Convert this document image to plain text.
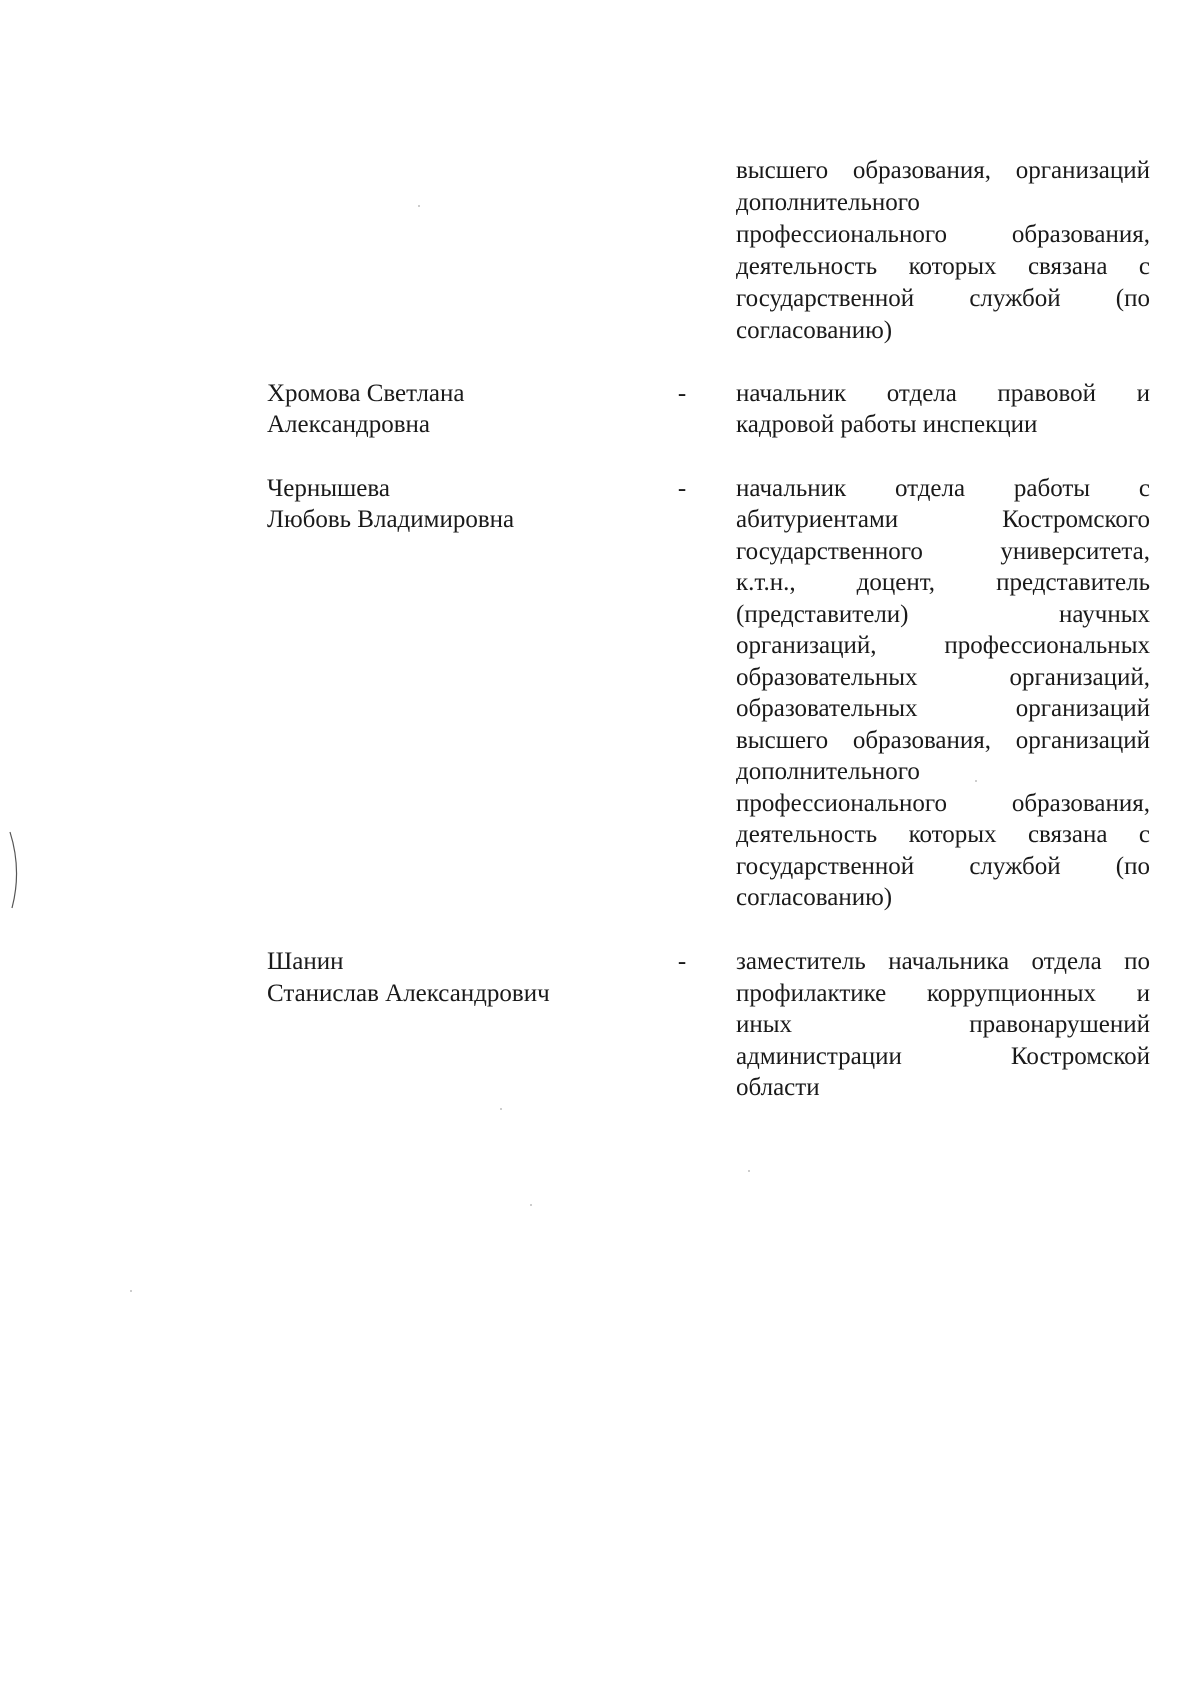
высшего образования, организаций
дополнительного
профессионального образования,
деятельность которых связана с
государственной службой (по
согласованию)
Хромова Светлана
Александровна
- начальник отдела правовой и
кадровой работы инспекции
Чернышева
Любовь Владимировна
- начальник отдела работы с
абитуриентами Костромского
государственного университета,
к.т.н., доцент, представитель
(представители) научных
организаций, профессиональных
образовательных организаций,
образовательных организаций
высшего образования, организаций
дополнительного
профессионального образования,
деятельность которых связана с
государственной службой (по
согласованию)
Шанин
Станислав Александрович
- заместитель начальника отдела по
профилактике коррупционных и
иных правонарушений
администрации Костромской
области
